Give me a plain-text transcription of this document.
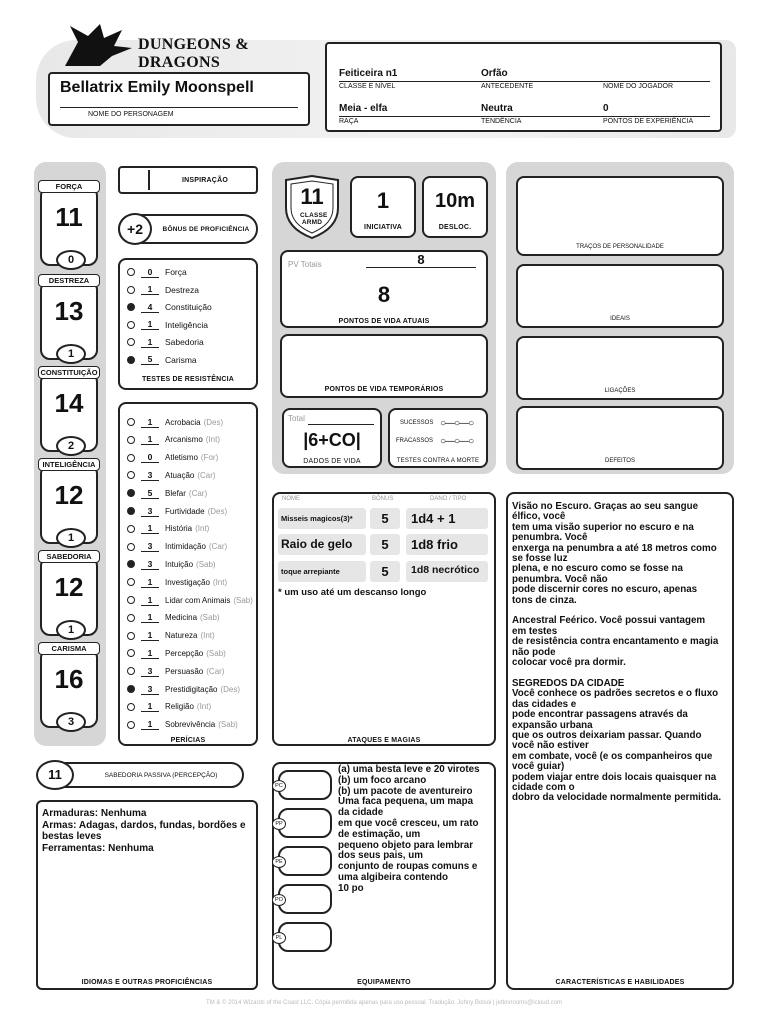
DUNGEONS & DRAGONS
Bellatrix Emily Moonspell
NOME DO PERSONAGEM
Feiticeira n1	Orfão
CLASSE E NÍVEL	ANTECEDENTE	NOME DO JOGADOR
Meia - elfa	Neutra	0
RAÇA	TENDÊNCIA	PONTOS DE EXPERIÊNCIA
FORÇA
11
0
DESTREZA
13
1
CONSTITUIÇÃO
14
2
INTELIGÊNCIA
12
1
SABEDORIA
12
1
CARISMA
16
3
INSPIRAÇÃO
+2	BÔNUS DE PROFICIÊNCIA
0	Força
1	Destreza
4	Constituição
1	Inteligência
1	Sabedoria
5	Carisma
TESTES DE RESISTÊNCIA
1	Acrobacia (Des)
1	Arcanismo (Int)
0	Atletismo (For)
3	Atuação (Car)
5	Blefar (Car)
3	Furtividade (Des)
1	História (Int)
3	Intimidação (Car)
3	Intuição (Sab)
1	Investigação (Int)
1	Lidar com Animais (Sab)
1	Medicina (Sab)
1	Natureza (Int)
1	Percepção (Sab)
3	Persuasão (Car)
3	Prestidigitação (Des)
1	Religião (Int)
1	Sobrevivência (Sab)
PERÍCIAS
11	SABEDORIA PASSIVA (PERCEPÇÃO)
Armaduras: Nenhuma
Armas: Adagas, dardos, fundas, bordões e
bestas leves
Ferramentas: Nenhuma
IDIOMAS E OUTRAS PROFICIÊNCIAS
11
CLASSE ARMD
1
INICIATIVA
10m
DESLOC.
PV Totais	8
8
PONTOS DE VIDA ATUAIS
PONTOS DE VIDA TEMPORÁRIOS
Total
|6+CO|
DADOS DE VIDA
SUCESSOS ○—○—○
FRACASSOS ○—○—○
TESTES CONTRA A MORTE
TRAÇOS DE PERSONALIDADE
IDEAIS
LIGAÇÕES
DEFEITOS
NOME	BÔNUS	DANO / TIPO
Misseis magicos(3)*	5	1d4 + 1
Raio de gelo	5	1d8 frio
toque arrepiante	5	1d8 necrótico
* um uso até um descanso longo
ATAQUES E MAGIAS
PC
PP
PE
PO
PL
(a) uma besta leve e 20 virotes
(b) um foco arcano
(b) um pacote de aventureiro
Uma faca pequena, um mapa
da cidade
em que você cresceu, um rato
de estimação, um
pequeno objeto para lembrar
dos seus pais, um
conjunto de roupas comuns e
uma algibeira contendo
10 po
EQUIPAMENTO
Visão no Escuro. Graças ao seu sangue
élfico, você
tem uma visão superior no escuro e na
penumbra. Você
enxerga na penumbra a até 18 metros como
se fosse luz
plena, e no escuro como se fosse na
penumbra. Você não
pode discernir cores no escuro, apenas
tons de cinza.
Ancestral Feérico. Você possui vantagem
em testes
de resistência contra encantamento e magia
não pode
colocar você pra dormir.
SEGREDOS DA CIDADE
Você conhece os padrões secretos e o fluxo
das cidades e
pode encontrar passagens através da
expansão urbana
que os outros deixariam passar. Quando
você não estiver
em combate, você (e os companheiros que
você guiar)
podem viajar entre dois locais quaisquer na
cidade com o
dobro da velocidade normalmente permitida.
CARACTERÍSTICAS E HABILIDADES
TM & © 2014 Wizards of the Coast LLC. Cópia permitida apenas para uso pessoal. Tradução: Johny Bolsoi | jettovrooms@icloud.com
